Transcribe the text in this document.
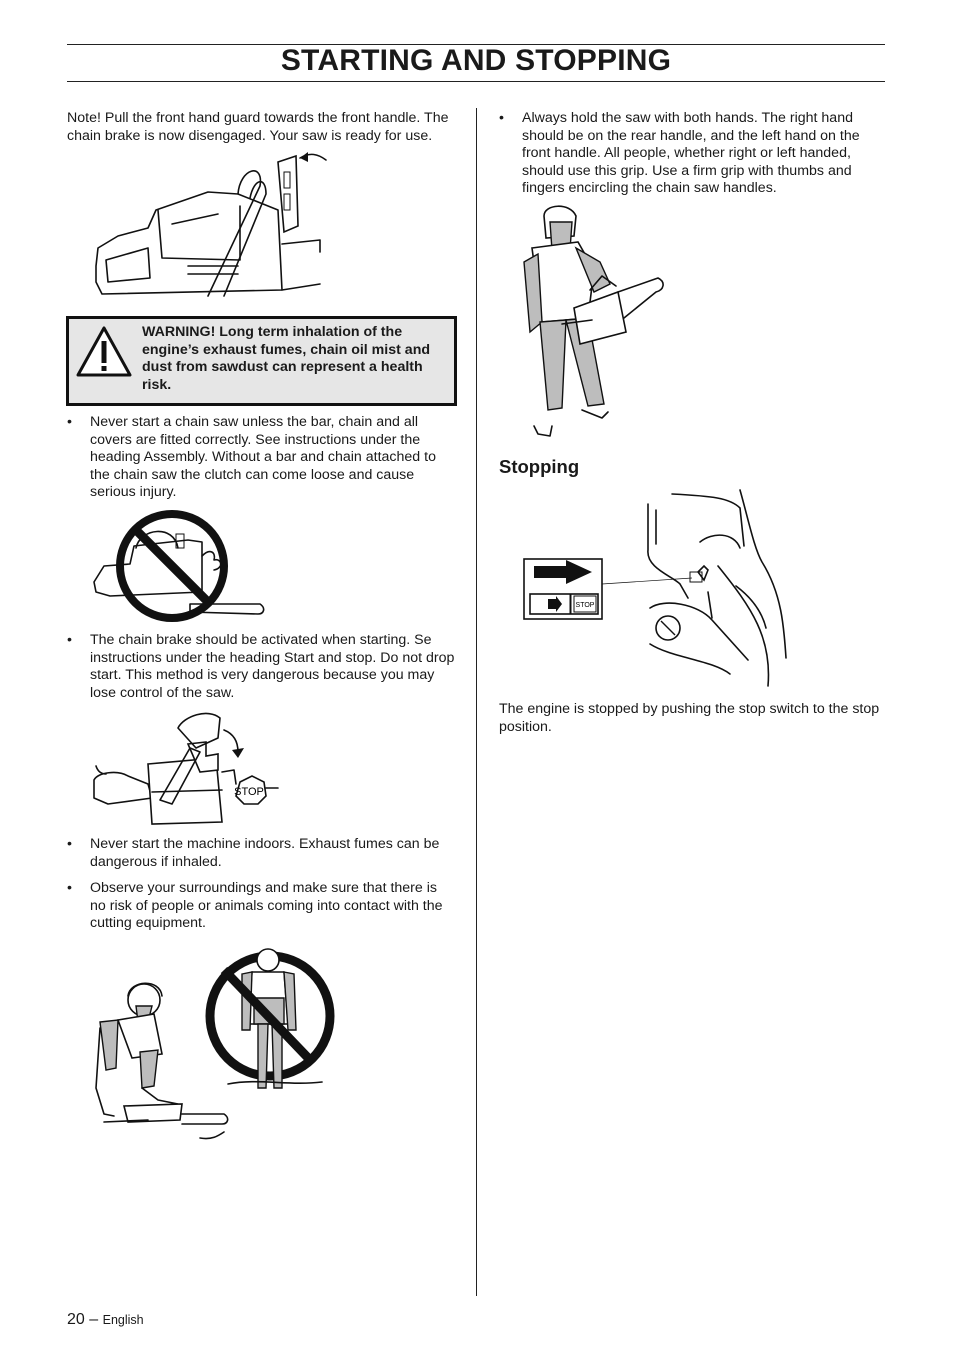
STARTING AND STOPPING
Note! Pull the front hand guard towards the front handle. The chain brake is now disengaged. Your saw is ready for use.
WARNING! Long term inhalation of the engine’s exhaust fumes, chain oil mist and dust from sawdust can represent a health risk.
• Never start a chain saw unless the bar, chain and all covers are fitted correctly. See instructions under the heading Assembly. Without a bar and chain attached to the chain saw the clutch can come loose and cause serious injury.
• The chain brake should be activated when starting. Se instructions under the heading Start and stop. Do not drop start. This method is very dangerous because you may lose control of the saw.
STOP
• Never start the machine indoors. Exhaust fumes can be dangerous if inhaled.
• Observe your surroundings and make sure that there is no risk of people or animals coming into contact with the cutting equipment.
• Always hold the saw with both hands. The right hand should be on the rear handle, and the left hand on the front handle. All people, whether right or left handed, should use this grip. Use a firm grip with thumbs and fingers encircling the chain saw handles.
Stopping
STOP
The engine is stopped by pushing the stop switch to the stop position.
20 – English
